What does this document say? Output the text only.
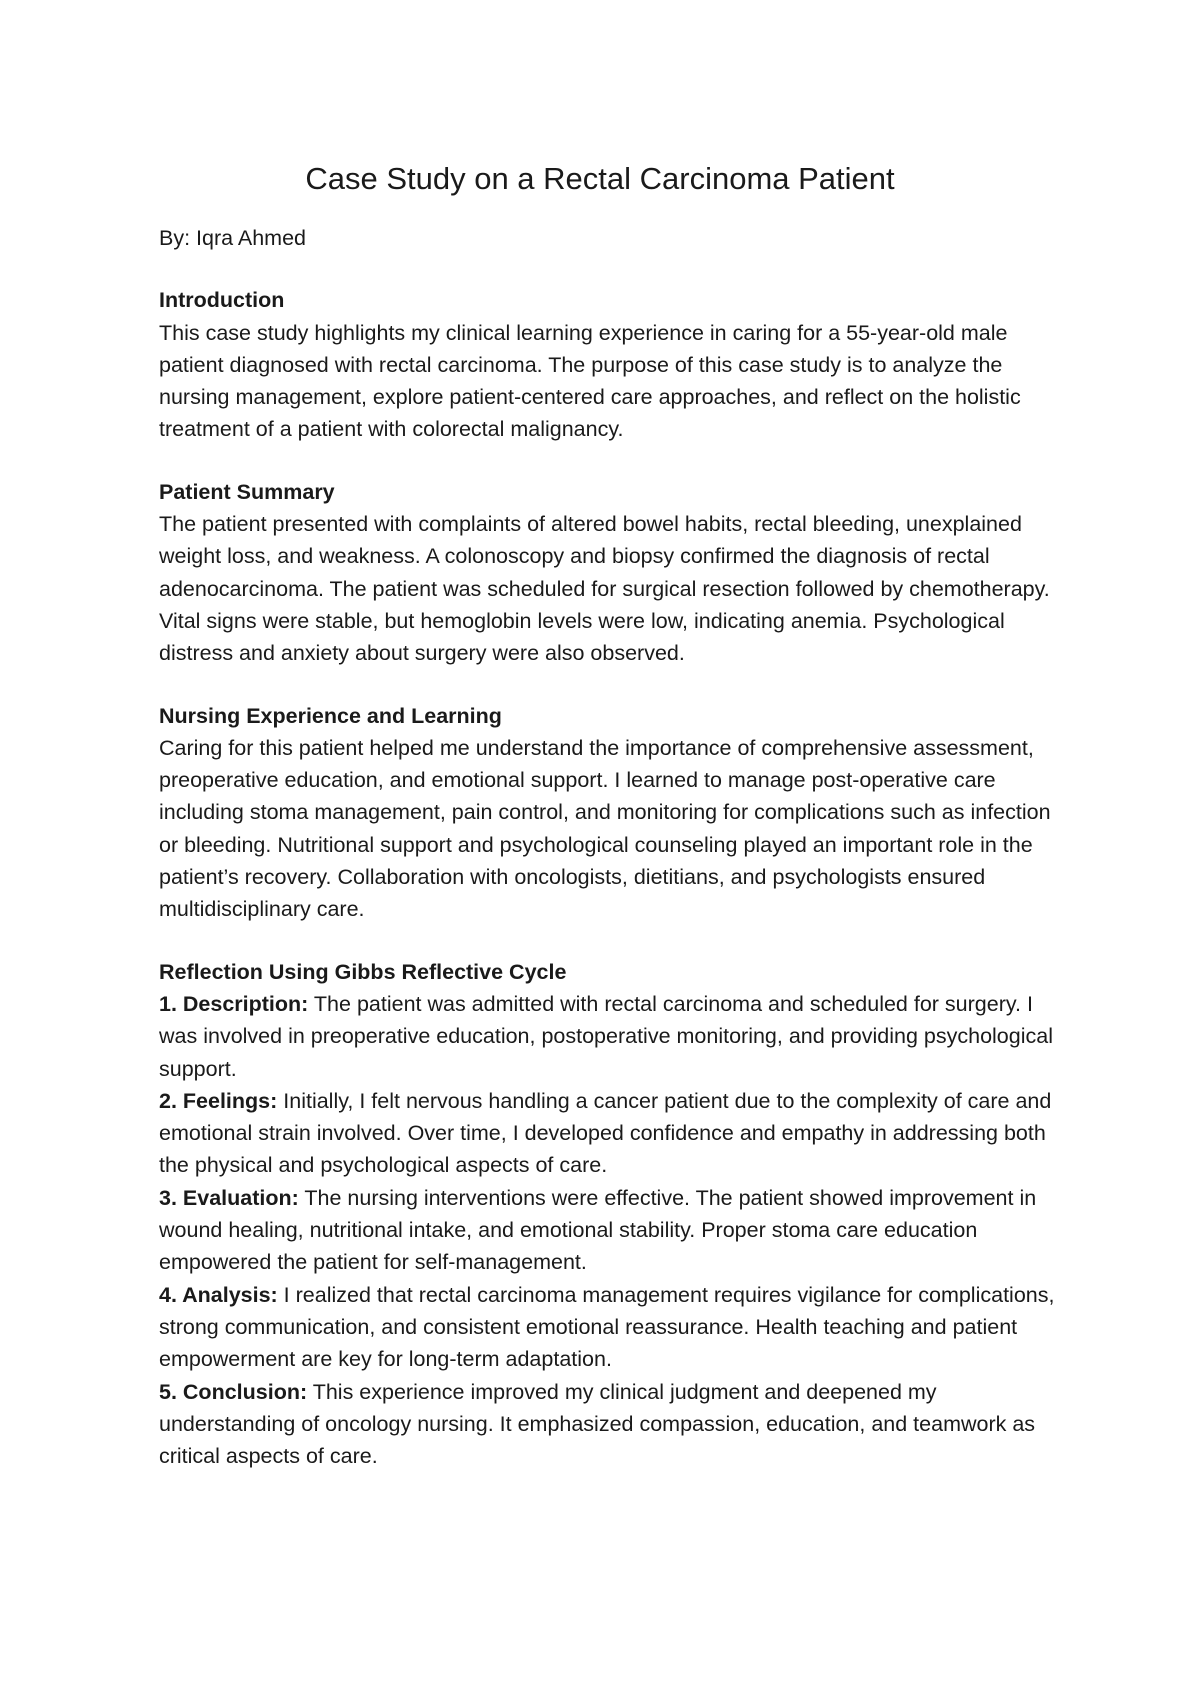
Case Study on a Rectal Carcinoma Patient

By: Iqra Ahmed

Introduction

This case study highlights my clinical learning experience in caring for a 55-year-old male patient diagnosed with rectal carcinoma. The purpose of this case study is to analyze the nursing management, explore patient-centered care approaches, and reflect on the holistic treatment of a patient with colorectal malignancy.

Patient Summary

The patient presented with complaints of altered bowel habits, rectal bleeding, unexplained weight loss, and weakness. A colonoscopy and biopsy confirmed the diagnosis of rectal adenocarcinoma. The patient was scheduled for surgical resection followed by chemotherapy. Vital signs were stable, but hemoglobin levels were low, indicating anemia. Psychological distress and anxiety about surgery were also observed.

Nursing Experience and Learning

Caring for this patient helped me understand the importance of comprehensive assessment, preoperative education, and emotional support. I learned to manage post-operative care including stoma management, pain control, and monitoring for complications such as infection or bleeding. Nutritional support and psychological counseling played an important role in the patient’s recovery. Collaboration with oncologists, dietitians, and psychologists ensured multidisciplinary care.

Reflection Using Gibbs Reflective Cycle

1. Description: The patient was admitted with rectal carcinoma and scheduled for surgery. I was involved in preoperative education, postoperative monitoring, and providing psychological support.

2. Feelings: Initially, I felt nervous handling a cancer patient due to the complexity of care and emotional strain involved. Over time, I developed confidence and empathy in addressing both the physical and psychological aspects of care.

3. Evaluation: The nursing interventions were effective. The patient showed improvement in wound healing, nutritional intake, and emotional stability. Proper stoma care education empowered the patient for self-management.

4. Analysis: I realized that rectal carcinoma management requires vigilance for complications, strong communication, and consistent emotional reassurance. Health teaching and patient empowerment are key for long-term adaptation.

5. Conclusion: This experience improved my clinical judgment and deepened my understanding of oncology nursing. It emphasized compassion, education, and teamwork as critical aspects of care.
